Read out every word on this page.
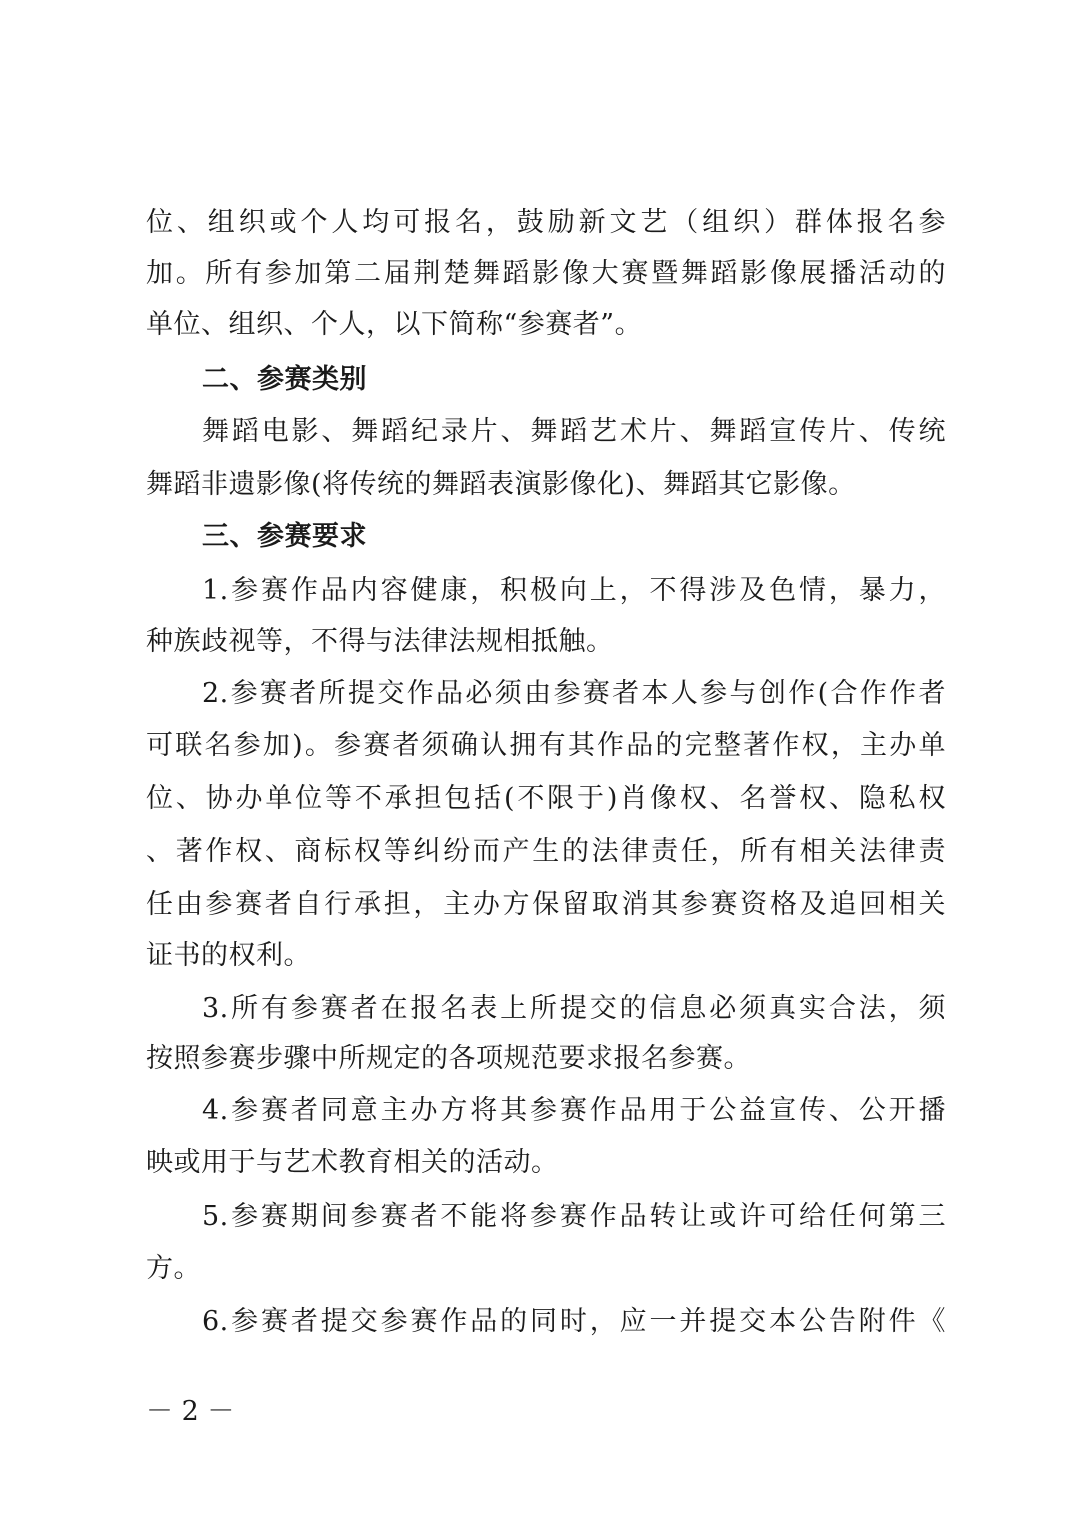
位、组织或个人均可报名，鼓励新文艺（组织）群体报名参
加。所有参加第二届荆楚舞蹈影像大赛暨舞蹈影像展播活动的
单位、组织、个人，以下简称“参赛者”。
二、参赛类别
舞蹈电影、舞蹈纪录片、舞蹈艺术片、舞蹈宣传片、传统
舞蹈非遗影像(将传统的舞蹈表演影像化)、舞蹈其它影像。
三、参赛要求
1.参赛作品内容健康，积极向上，不得涉及色情，暴力，
种族歧视等，不得与法律法规相抵触。
2.参赛者所提交作品必须由参赛者本人参与创作(合作作者
可联名参加)。参赛者须确认拥有其作品的完整著作权，主办单
位、协办单位等不承担包括(不限于)肖像权、名誉权、隐私权
、著作权、商标权等纠纷而产生的法律责任，所有相关法律责
任由参赛者自行承担，主办方保留取消其参赛资格及追回相关
证书的权利。
3.所有参赛者在报名表上所提交的信息必须真实合法，须
按照参赛步骤中所规定的各项规范要求报名参赛。
4.参赛者同意主办方将其参赛作品用于公益宣传、公开播
映或用于与艺术教育相关的活动。
5.参赛期间参赛者不能将参赛作品转让或许可给任何第三
方。
6.参赛者提交参赛作品的同时，应一并提交本公告附件《
－ 2 －
